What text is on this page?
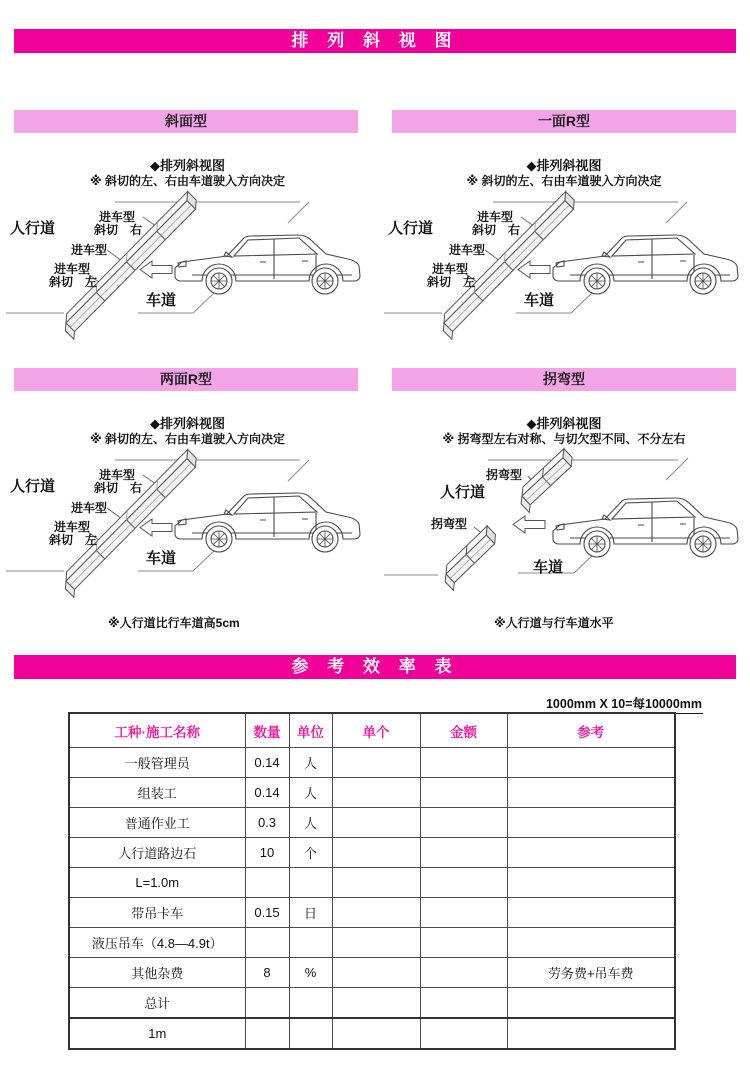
排 列 斜 视 图
斜面型
◆排列斜视图
※ 斜切的左、右由车道驶入方向决定
人行道
进车型
斜切　右
进车型
进车型
斜切　左
车道
一面R型
◆排列斜视图
※ 斜切的左、右由车道驶入方向决定
人行道
进车型
斜切　右
进车型
进车型
斜切　左
车道
两面R型
◆排列斜视图
※ 斜切的左、右由车道驶入方向决定
人行道
进车型
斜切　右
进车型
进车型
斜切　左
车道
※人行道比行车道高5cm
拐弯型
◆排列斜视图
※ 拐弯型左右对称、与切欠型不同、不分左右
拐弯型
人行道
拐弯型
车道
※人行道与行车道水平
参 考 效 率 表
1000mm X 10=每10000mm
工种·施工名称	数量	单位	单个	金额	参考
一般管理员	0.14	人			
组装工	0.14	人			
普通作业工	0.3	人			
人行道路边石	10	个			
L=1.0m					
带吊卡车	0.15	日			
液压吊车（4.8—4.9t）					
其他杂费	8	%			劳务费+吊车费
总计					
1m					
